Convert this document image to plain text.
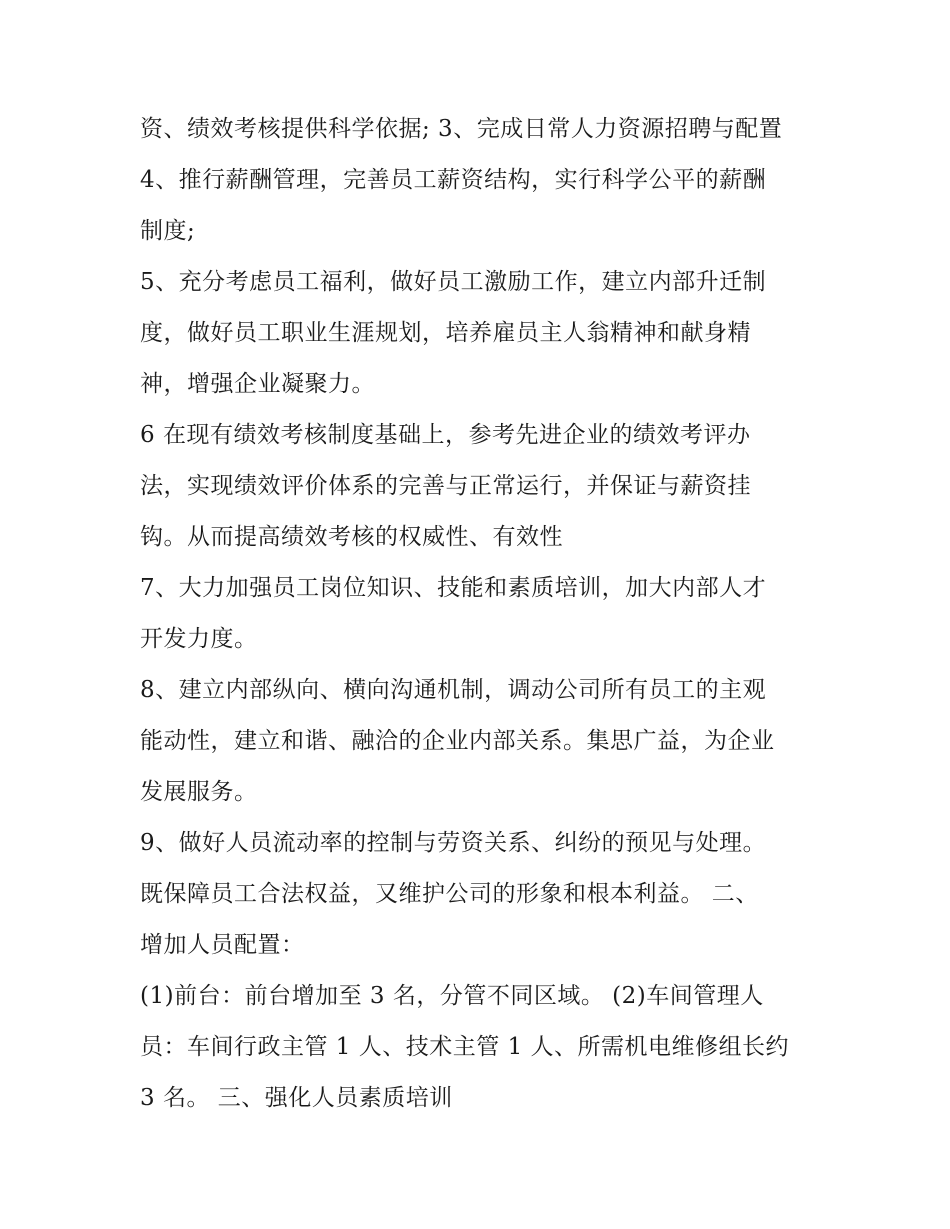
资、绩效考核提供科学依据; 3、完成日常人力资源招聘与配置
4、推行薪酬管理，完善员工薪资结构，实行科学公平的薪酬
制度;
5、充分考虑员工福利，做好员工激励工作，建立内部升迁制
度，做好员工职业生涯规划，培养雇员主人翁精神和献身精
神，增强企业凝聚力。
6 在现有绩效考核制度基础上，参考先进企业的绩效考评办
法，实现绩效评价体系的完善与正常运行，并保证与薪资挂
钩。从而提高绩效考核的权威性、有效性
7、大力加强员工岗位知识、技能和素质培训，加大内部人才
开发力度。
8、建立内部纵向、横向沟通机制，调动公司所有员工的主观
能动性，建立和谐、融洽的企业内部关系。集思广益，为企业
发展服务。
9、做好人员流动率的控制与劳资关系、纠纷的预见与处理。
既保障员工合法权益，又维护公司的形象和根本利益。 二、
增加人员配置：
(1)前台：前台增加至 3 名，分管不同区域。 (2)车间管理人
员：车间行政主管 1 人、技术主管 1 人、所需机电维修组长约
3 名。 三、强化人员素质培训
